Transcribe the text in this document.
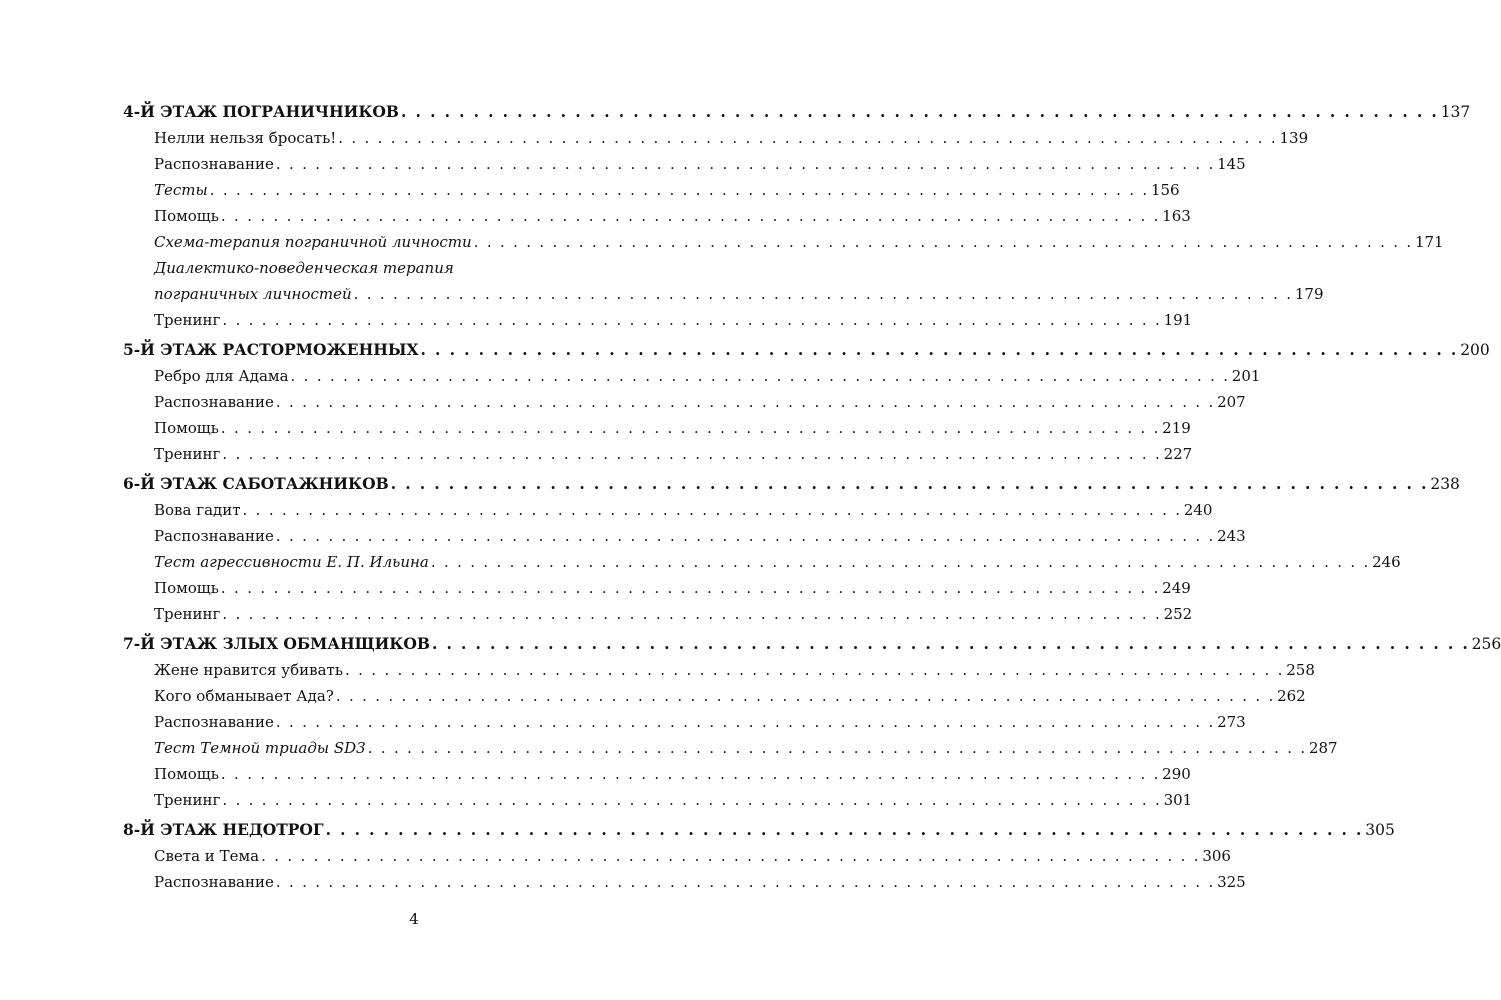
4-Й ЭТАЖ ПОГРАНИЧНИКОВ . . . . . . . . . . . . . . . . . . . . . . . . . . . . . . . . . . . . . . . . . . . . . . . . . . . . . . . . . . . . . . . . . . . . . . . . 137
Нелли нельзя бросать! . . . . . . . . . . . . . . . . . . . . . . . . . . . . . . . . . . . . . . . . . . . . . . . . . . . . . . . . . . . . . . . . . . . . . . . . 139
Распознавание . . . . . . . . . . . . . . . . . . . . . . . . . . . . . . . . . . . . . . . . . . . . . . . . . . . . . . . . . . . . . . . . . . . . . . . . 145
Тесты . . . . . . . . . . . . . . . . . . . . . . . . . . . . . . . . . . . . . . . . . . . . . . . . . . . . . . . . . . . . . . . . . . . . . . . . 156
Помощь . . . . . . . . . . . . . . . . . . . . . . . . . . . . . . . . . . . . . . . . . . . . . . . . . . . . . . . . . . . . . . . . . . . . . . . . 163
Схема-терапия пограничной личности . . . . . . . . . . . . . . . . . . . . . . . . . . . . . . . . . . . . . . . . . . . . . . . . . . . . . . . . . . . . . . . . . . . . . . . . 171
Диалектико-поведенческая терапия
пограничных личностей . . . . . . . . . . . . . . . . . . . . . . . . . . . . . . . . . . . . . . . . . . . . . . . . . . . . . . . . . . . . . . . . . . . . . . . . 179
Тренинг . . . . . . . . . . . . . . . . . . . . . . . . . . . . . . . . . . . . . . . . . . . . . . . . . . . . . . . . . . . . . . . . . . . . . . . . 191
5-Й ЭТАЖ РАСТОРМОЖЕННЫХ . . . . . . . . . . . . . . . . . . . . . . . . . . . . . . . . . . . . . . . . . . . . . . . . . . . . . . . . . . . . . . . . . . . . . . . . 200
Ребро для Адама . . . . . . . . . . . . . . . . . . . . . . . . . . . . . . . . . . . . . . . . . . . . . . . . . . . . . . . . . . . . . . . . . . . . . . . . 201
Распознавание . . . . . . . . . . . . . . . . . . . . . . . . . . . . . . . . . . . . . . . . . . . . . . . . . . . . . . . . . . . . . . . . . . . . . . . . 207
Помощь . . . . . . . . . . . . . . . . . . . . . . . . . . . . . . . . . . . . . . . . . . . . . . . . . . . . . . . . . . . . . . . . . . . . . . . . 219
Тренинг . . . . . . . . . . . . . . . . . . . . . . . . . . . . . . . . . . . . . . . . . . . . . . . . . . . . . . . . . . . . . . . . . . . . . . . . 227
6-Й ЭТАЖ САБОТАЖНИКОВ . . . . . . . . . . . . . . . . . . . . . . . . . . . . . . . . . . . . . . . . . . . . . . . . . . . . . . . . . . . . . . . . . . . . . . . . 238
Вова гадит . . . . . . . . . . . . . . . . . . . . . . . . . . . . . . . . . . . . . . . . . . . . . . . . . . . . . . . . . . . . . . . . . . . . . . . . 240
Распознавание . . . . . . . . . . . . . . . . . . . . . . . . . . . . . . . . . . . . . . . . . . . . . . . . . . . . . . . . . . . . . . . . . . . . . . . . 243
Тест агрессивности Е. П. Ильина . . . . . . . . . . . . . . . . . . . . . . . . . . . . . . . . . . . . . . . . . . . . . . . . . . . . . . . . . . . . . . . . . . . . . . . . 246
Помощь . . . . . . . . . . . . . . . . . . . . . . . . . . . . . . . . . . . . . . . . . . . . . . . . . . . . . . . . . . . . . . . . . . . . . . . . 249
Тренинг . . . . . . . . . . . . . . . . . . . . . . . . . . . . . . . . . . . . . . . . . . . . . . . . . . . . . . . . . . . . . . . . . . . . . . . . 252
7-Й ЭТАЖ ЗЛЫХ ОБМАНЩИКОВ . . . . . . . . . . . . . . . . . . . . . . . . . . . . . . . . . . . . . . . . . . . . . . . . . . . . . . . . . . . . . . . . . . . . . . . . 256
Жене нравится убивать . . . . . . . . . . . . . . . . . . . . . . . . . . . . . . . . . . . . . . . . . . . . . . . . . . . . . . . . . . . . . . . . . . . . . . . . 258
Кого обманывает Ада? . . . . . . . . . . . . . . . . . . . . . . . . . . . . . . . . . . . . . . . . . . . . . . . . . . . . . . . . . . . . . . . . . . . . . . . . 262
Распознавание . . . . . . . . . . . . . . . . . . . . . . . . . . . . . . . . . . . . . . . . . . . . . . . . . . . . . . . . . . . . . . . . . . . . . . . . 273
Тест Темной триады SD3 . . . . . . . . . . . . . . . . . . . . . . . . . . . . . . . . . . . . . . . . . . . . . . . . . . . . . . . . . . . . . . . . . . . . . . . . 287
Помощь . . . . . . . . . . . . . . . . . . . . . . . . . . . . . . . . . . . . . . . . . . . . . . . . . . . . . . . . . . . . . . . . . . . . . . . . 290
Тренинг . . . . . . . . . . . . . . . . . . . . . . . . . . . . . . . . . . . . . . . . . . . . . . . . . . . . . . . . . . . . . . . . . . . . . . . . 301
8-Й ЭТАЖ НЕДОТРОГ . . . . . . . . . . . . . . . . . . . . . . . . . . . . . . . . . . . . . . . . . . . . . . . . . . . . . . . . . . . . . . . . . . . . . . . . 305
Света и Тема . . . . . . . . . . . . . . . . . . . . . . . . . . . . . . . . . . . . . . . . . . . . . . . . . . . . . . . . . . . . . . . . . . . . . . . . 306
Распознавание . . . . . . . . . . . . . . . . . . . . . . . . . . . . . . . . . . . . . . . . . . . . . . . . . . . . . . . . . . . . . . . . . . . . . . . . 325
4
